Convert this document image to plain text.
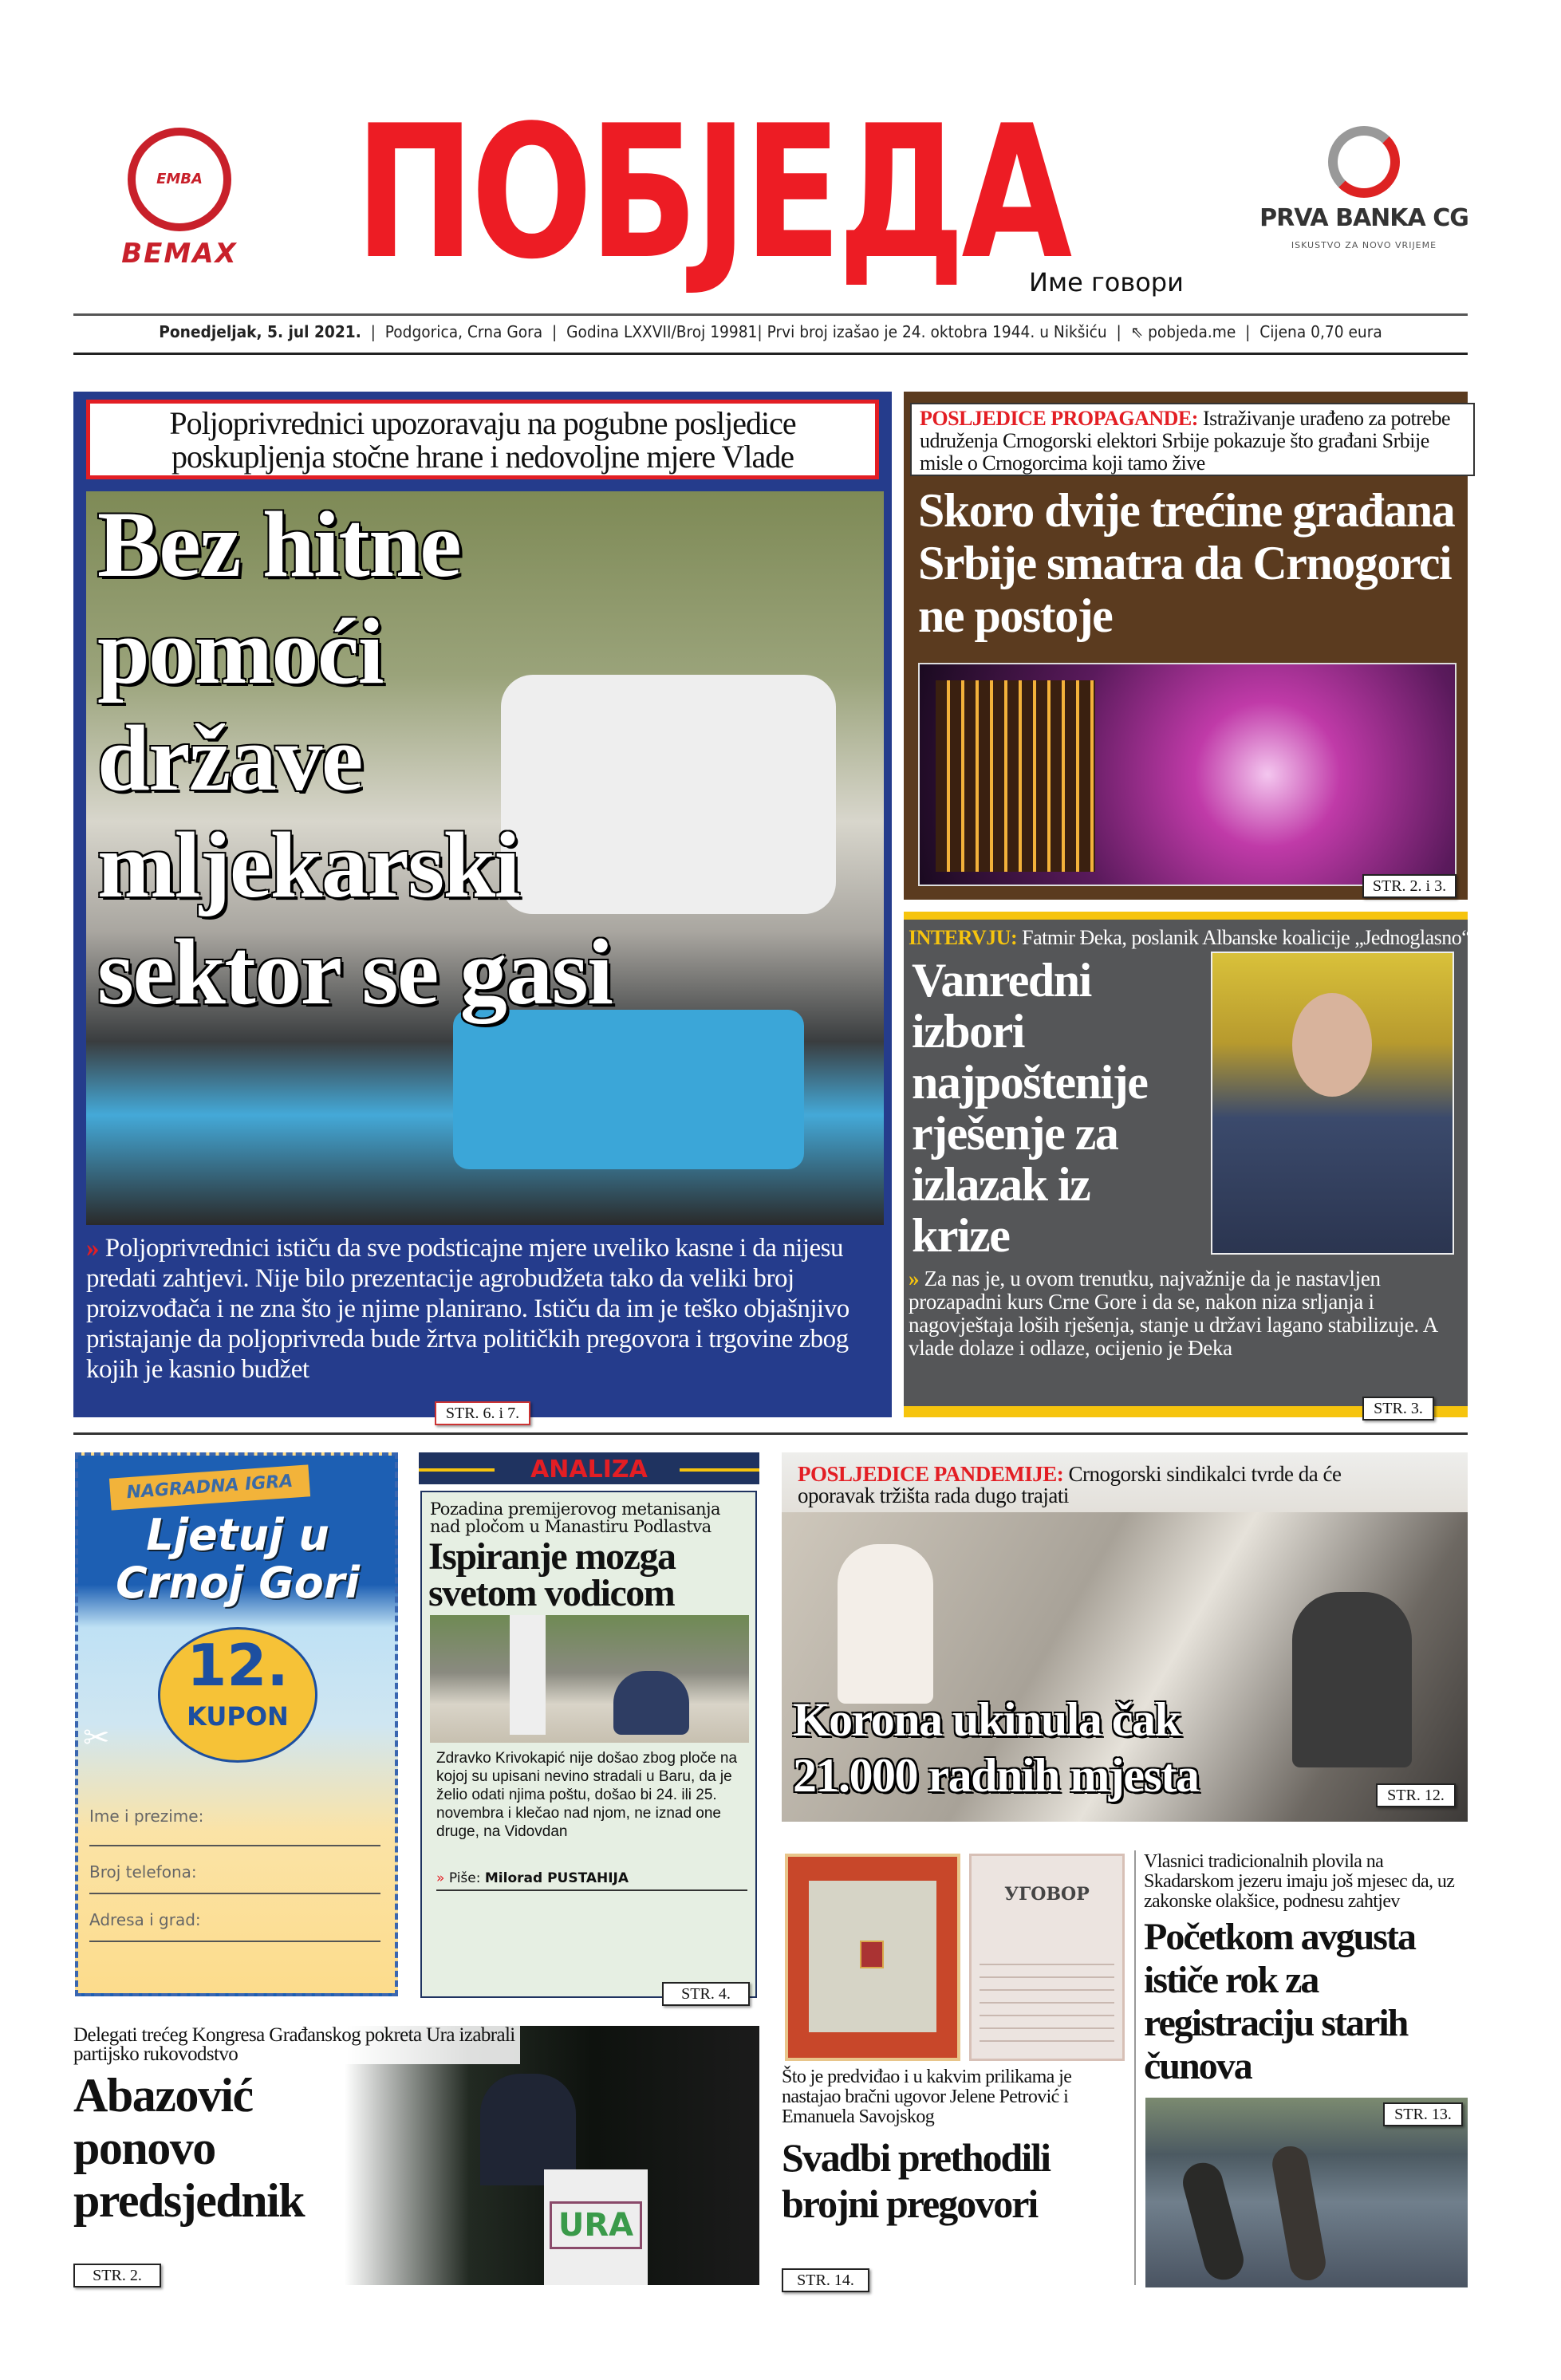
EMBA
BEMAX ПОБЈЕДА
Име говори
PRVA BANKA CG
ISKUSTVO ZA NOVO VRIJEME
Ponedjeljak, 5. jul 2021.  |  Podgorica, Crna Gora  |  Godina LXXVII/Broj 19981| Prvi broj izašao je 24. oktobra 1944. u Nikšiću  |  ⇖ pobjeda.me  |  Cijena 0,70 eura
Poljoprivrednici upozoravaju na pogubne posljedice poskupljenja stočne hrane i nedovoljne mjere Vlade
Bez hitne
pomoći
države
mljekarski
sektor se gasi
» Poljoprivrednici ističu da sve podsticajne mjere uveliko kasne i da nijesu predati zahtjevi. Nije bilo prezentacije agrobudžeta tako da veliki broj proizvođača i ne zna što je njime planirano. Ističu da im je teško objašnjivo pristajanje da poljoprivreda bude žrtva političkih pregovora i trgovine zbog kojih je kasnio budžet
STR. 6. i 7.
POSLJEDICE PROPAGANDE: Istraživanje urađeno za potrebe udruženja Crnogorski elektori Srbije pokazuje što građani Srbije misle o Crnogorcima koji tamo žive
Skoro dvije trećine građana Srbije smatra da Crnogorci ne postoje
STR. 2. i 3.
INTERVJU: Fatmir Đeka, poslanik Albanske koalicije „Jednoglasno“
Vanredni
izbori
najpoštenije
rješenje za
izlazak iz
krize
» Za nas je, u ovom trenutku, najvažnije da je nastavljen prozapadni kurs Crne Gore i da se, nakon niza srljanja i nagovještaja loših rješenja, stanje u državi lagano stabilizuje. A vlade dolaze i odlaze, ocijenio je Đeka
STR. 3.
NAGRADNA IGRA
Ljetuj u
Crnoj Gori
12.
KUPON
✂
Ime i prezime:
Broj telefona:
Adresa i grad:
ANALIZA
Pozadina premijerovog metanisanja nad pločom u Manastiru Podlastva
Ispiranje mozga svetom vodicom
Zdravko Krivokapić nije došao zbog ploče na kojoj su upisani nevino stradali u Baru, da je želio odati njima poštu, došao bi 24. ili 25. novembra i klečao nad njom, ne iznad one druge, na Vidovdan
» Piše: Milorad PUSTAHIJA
STR. 4.
POSLJEDICE PANDEMIJE: Crnogorski sindikalci tvrde da će oporavak tržišta rada dugo trajati
Korona ukinula čak
21.000 radnih mjesta	STR. 12.
УГОВОР
Što je predviđao i u kakvim prilikama je nastajao bračni ugovor Jelene Petrović i Emanuela Savojskog
Svadbi prethodili brojni pregovori
STR. 14.
Vlasnici tradicionalnih plovila na Skadarskom jezeru imaju još mjesec da, uz zakonske olakšice, podnesu zahtjev
Početkom avgusta ističe rok za registraciju starih čunova
STR. 13.
URA
Delegati trećeg Kongresa Građanskog pokreta Ura izabrali partijsko rukovodstvo
Abazović
ponovo
predsjednik
STR. 2.
